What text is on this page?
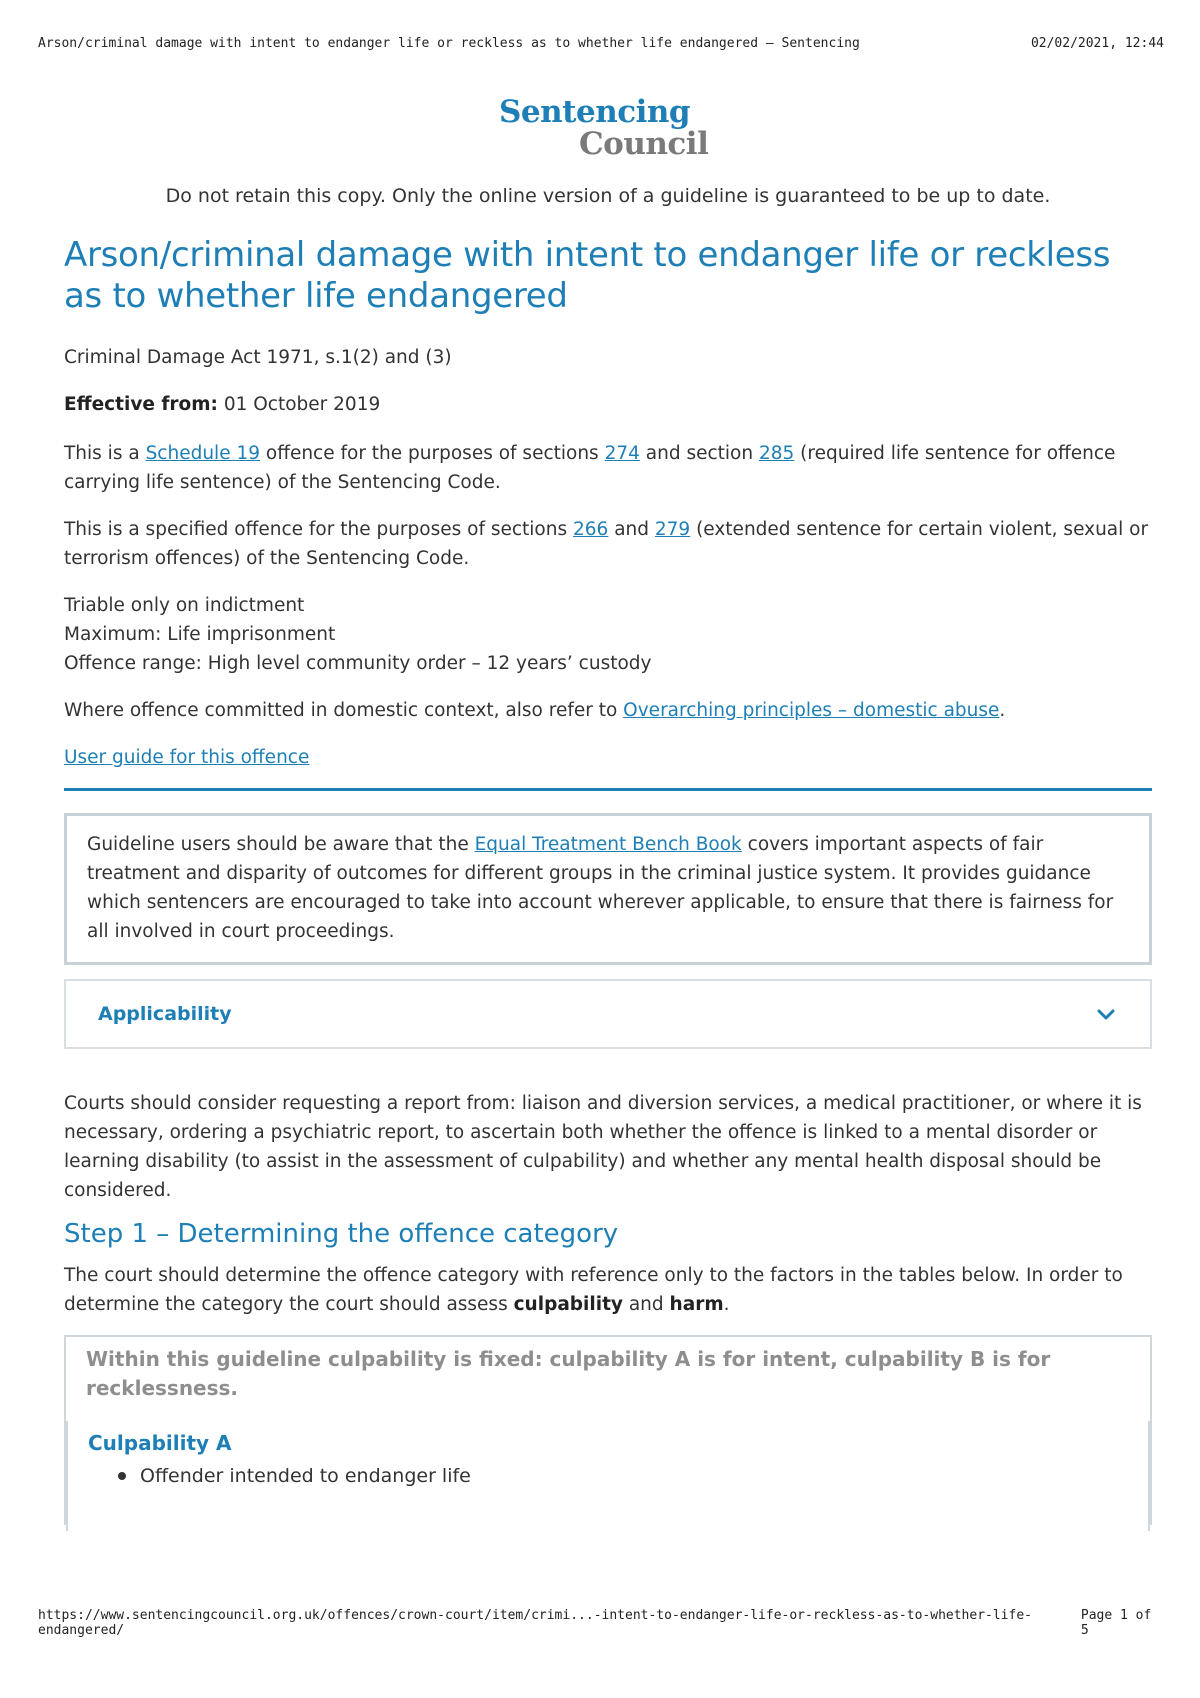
Arson/criminal damage with intent to endanger life or reckless as to whether life endangered – Sentencing	02/02/2021, 12:44
Sentencing
Council

Do not retain this copy. Only the online version of a guideline is guaranteed to be up to date.

Arson/criminal damage with intent to endanger life or reckless as to whether life endangered

Criminal Damage Act 1971, s.1(2) and (3)

Effective from: 01 October 2019

This is a Schedule 19 offence for the purposes of sections 274 and section 285 (required life sentence for offence carrying life sentence) of the Sentencing Code.

This is a specified offence for the purposes of sections 266 and 279 (extended sentence for certain violent, sexual or terrorism offences) of the Sentencing Code.

Triable only on indictment

Maximum: Life imprisonment

Offence range: High level community order – 12 years’ custody

Where offence committed in domestic context, also refer to Overarching principles – domestic abuse.

User guide for this offence

Guideline users should be aware that the Equal Treatment Bench Book covers important aspects of fair treatment and disparity of outcomes for different groups in the criminal justice system. It provides guidance which sentencers are encouraged to take into account wherever applicable, to ensure that there is fairness for all involved in court proceedings.

Applicability

Courts should consider requesting a report from: liaison and diversion services, a medical practitioner, or where it is necessary, ordering a psychiatric report, to ascertain both whether the offence is linked to a mental disorder or learning disability (to assist in the assessment of culpability) and whether any mental health disposal should be considered.

Step 1 – Determining the offence category

The court should determine the offence category with reference only to the factors in the tables below. In order to determine the category the court should assess culpability and harm.

Within this guideline culpability is fixed: culpability A is for intent, culpability B is for recklessness.

Culpability A
Offender intended to endanger life
https://www.sentencingcouncil.org.uk/offences/crown-court/item/crimi...-intent-to-endanger-life-or-reckless-as-to-whether-life-endangered/
Page 1 of 5
